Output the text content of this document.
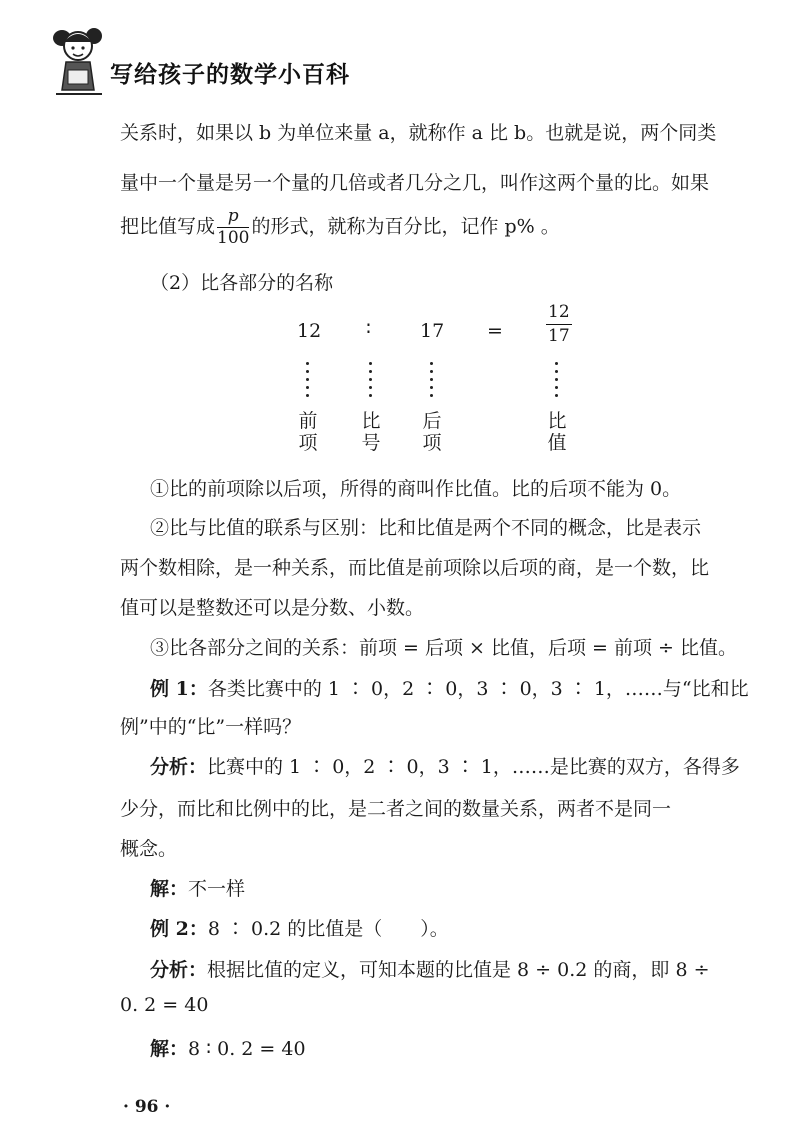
写给孩子的数学小百科
关系时，如果以 b 为单位来量 a，就称作 a 比 b。也就是说，两个同类
量中一个量是另一个量的几倍或者几分之几，叫作这两个量的比。如果
把比值写成 $\frac{p}{100}$ 的形式，就称为百分比，记作 p% 。
（2）比各部分的名称
12 ∶	17 =	$\frac{12}{17}$
前
项
比
号
后
项
比
值
①比的前项除以后项，所得的商叫作比值。比的后项不能为 0。
②比与比值的联系与区别：比和比值是两个不同的概念，比是表示
两个数相除，是一种关系，而比值是前项除以后项的商，是一个数，比
值可以是整数还可以是分数、小数。
③比各部分之间的关系：前项 = 后项 × 比值，后项 = 前项 ÷ 比值。
例 1：各类比赛中的 1 ∶ 0，2 ∶ 0，3 ∶ 0，3 ∶ 1，……与“比和比
例”中的“比”一样吗？
分析：比赛中的 1 ∶ 0，2 ∶ 0，3 ∶ 1，……是比赛的双方，各得多
少分，而比和比例中的比，是二者之间的数量关系，两者不是同一
概念。
解：不一样
例 2：8 ∶ 0.2 的比值是（　　）。
分析：根据比值的定义，可知本题的比值是 8 ÷ 0.2 的商，即 8 ÷
0. 2 = 40
解：8 ∶ 0. 2 = 40
· 96 ·
